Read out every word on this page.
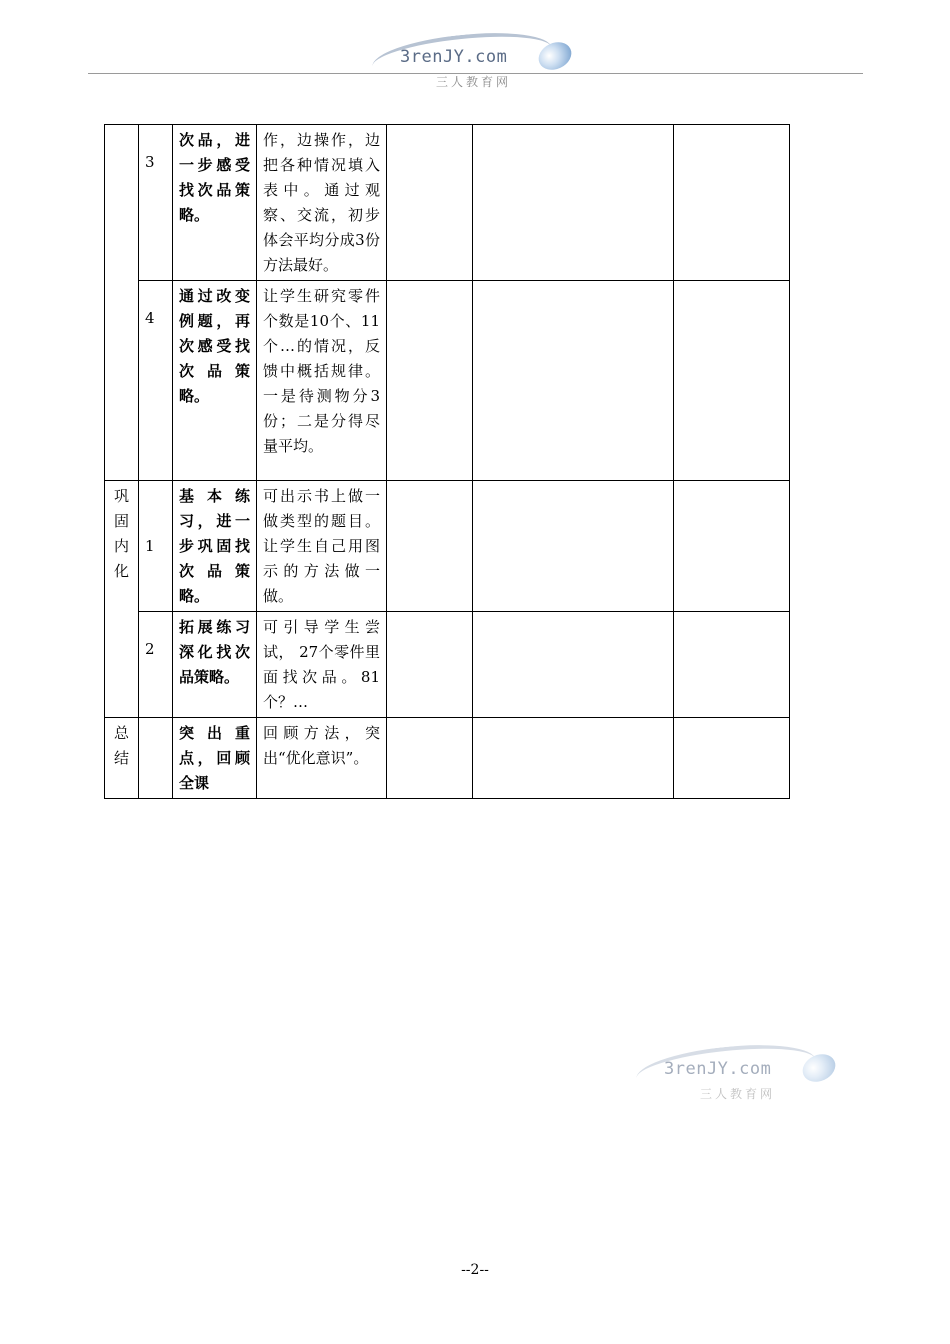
3renJY.com
三人教育网

3	次品，进一步感受找次品策略。	作，边操作，边把各种情况填入表中。通过观察、交流，初步体会平均分成3份方法最好。			

4	通过改变例题，再次感受找次品策略。	让学生研究零件个数是10个、11个…的情况，反馈中概括规律。一是待测物分3份；二是分得尽量平均。			

巩固内化	1	基本练习，进一步巩固找次品策略。	可出示书上做一做类型的题目。让学生自己用图示的方法做一做。			

2	拓展练习深化找次品策略。	可引导学生尝试， 27个零件里面找次品。81个？…			

总结		突出重点，回顾全课	回顾方法，突出“优化意识”。			
3renJY.com
三人教育网
--2--
